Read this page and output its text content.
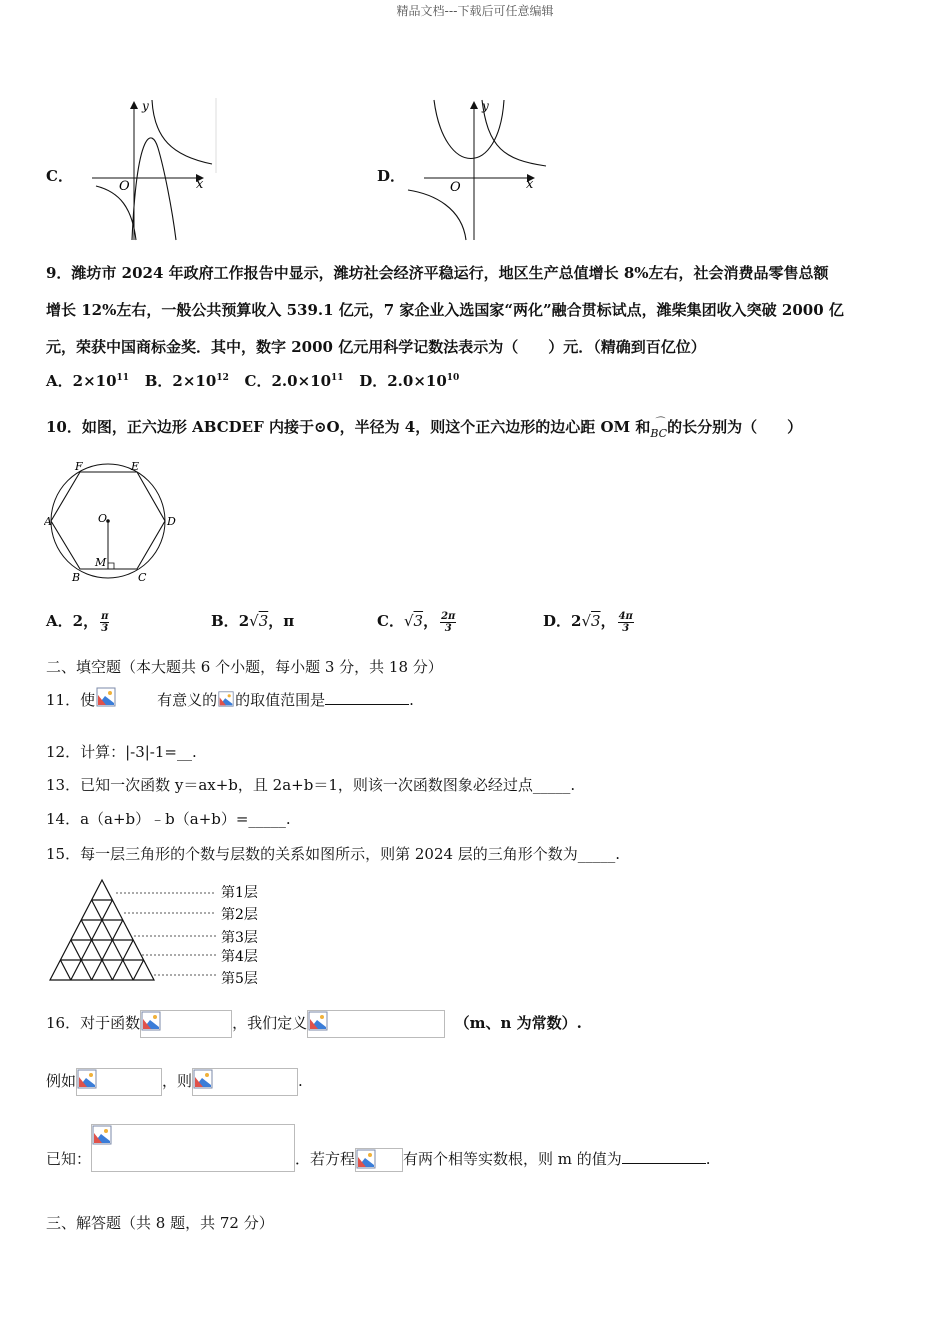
精品文档---下载后可任意编辑
C．
y
x
O
D．
y
x
O
9．潍坊市 2024 年政府工作报告中显示，潍坊社会经济平稳运行，地区生产总值增长 8%左右，社会消费品零售总额
增长 12%左右，一般公共预算收入 539.1 亿元，7 家企业入选国家“两化”融合贯标试点，潍柴集团收入突破 2000 亿
元，荣获中国商标金奖．其中，数字 2000 亿元用科学记数法表示为（　　）元．（精确到百亿位）
A．$2\times 10^{11}$ B．$2\times 10^{12}$ C．$2.0\times 10^{11}$ D．$2.0\times 10^{10}$
10．如图，正六边形 ABCDEF 内接于⊙O，半径为 4，则这个正六边形的边心距 OM 和 ⌒
BC 的长分别为（　　）
A
B	C
D
E
F
O
M
A．2， $\frac{\pi}{3}$	B．2√3，π	C．√3， $\frac{2\pi}{3}$	D．2√3， $\frac{4\pi}{3}$
二、填空题（本大题共 6 个小题，每小题 3 分，共 18 分）
11．使	有意义的 的取值范围是	.
12．计算：|-3|-1=__.
13．已知一次函数 y＝ax+b，且 2a+b＝1，则该一次函数图象必经过点_____.
14．a（a+b）﹣b（a+b）=_____.
15．每一层三角形的个数与层数的关系如图所示，则第 2024 层的三角形个数为_____.
第1层
第2层
第3层
第4层
第5层
16．对于函数	，我们定义	（m、n 为常数）.
例如	，则	.
已知：	．若方程	有两个相等实数根，则 m 的值为	.
三、解答题（共 8 题，共 72 分）
